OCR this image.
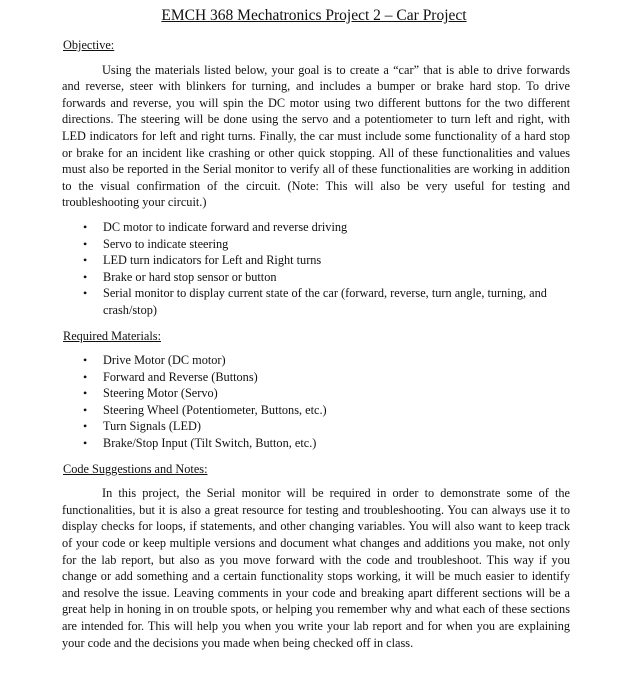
EMCH 368 Mechatronics Project 2 – Car Project
Objective:

Using the materials listed below, your goal is to create a “car” that is able to drive forwards and reverse, steer with blinkers for turning, and includes a bumper or brake hard stop. To drive forwards and reverse, you will spin the DC motor using two different buttons for the two different directions. The steering will be done using the servo and a potentiometer to turn left and right, with LED indicators for left and right turns. Finally, the car must include some functionality of a hard stop or brake for an incident like crashing or other quick stopping. All of these functionalities and values must also be reported in the Serial monitor to verify all of these functionalities are working in addition to the visual confirmation of the circuit. (Note: This will also be very useful for testing and troubleshooting your circuit.)

• DC motor to indicate forward and reverse driving
• Servo to indicate steering
• LED turn indicators for Left and Right turns
• Brake or hard stop sensor or button
• Serial monitor to display current state of the car (forward, reverse, turn angle, turning, and crash/stop)
Required Materials:
• Drive Motor (DC motor)
• Forward and Reverse (Buttons)
• Steering Motor (Servo)
• Steering Wheel (Potentiometer, Buttons, etc.)
• Turn Signals (LED)
• Brake/Stop Input (Tilt Switch, Button, etc.)
Code Suggestions and Notes:

In this project, the Serial monitor will be required in order to demonstrate some of the functionalities, but it is also a great resource for testing and troubleshooting. You can always use it to display checks for loops, if statements, and other changing variables. You will also want to keep track of your code or keep multiple versions and document what changes and additions you make, not only for the lab report, but also as you move forward with the code and troubleshoot. This way if you change or add something and a certain functionality stops working, it will be much easier to identify and resolve the issue. Leaving comments in your code and breaking apart different sections will be a great help in honing in on trouble spots, or helping you remember why and what each of these sections are intended for. This will help you when you write your lab report and for when you are explaining your code and the decisions you made when being checked off in class.
